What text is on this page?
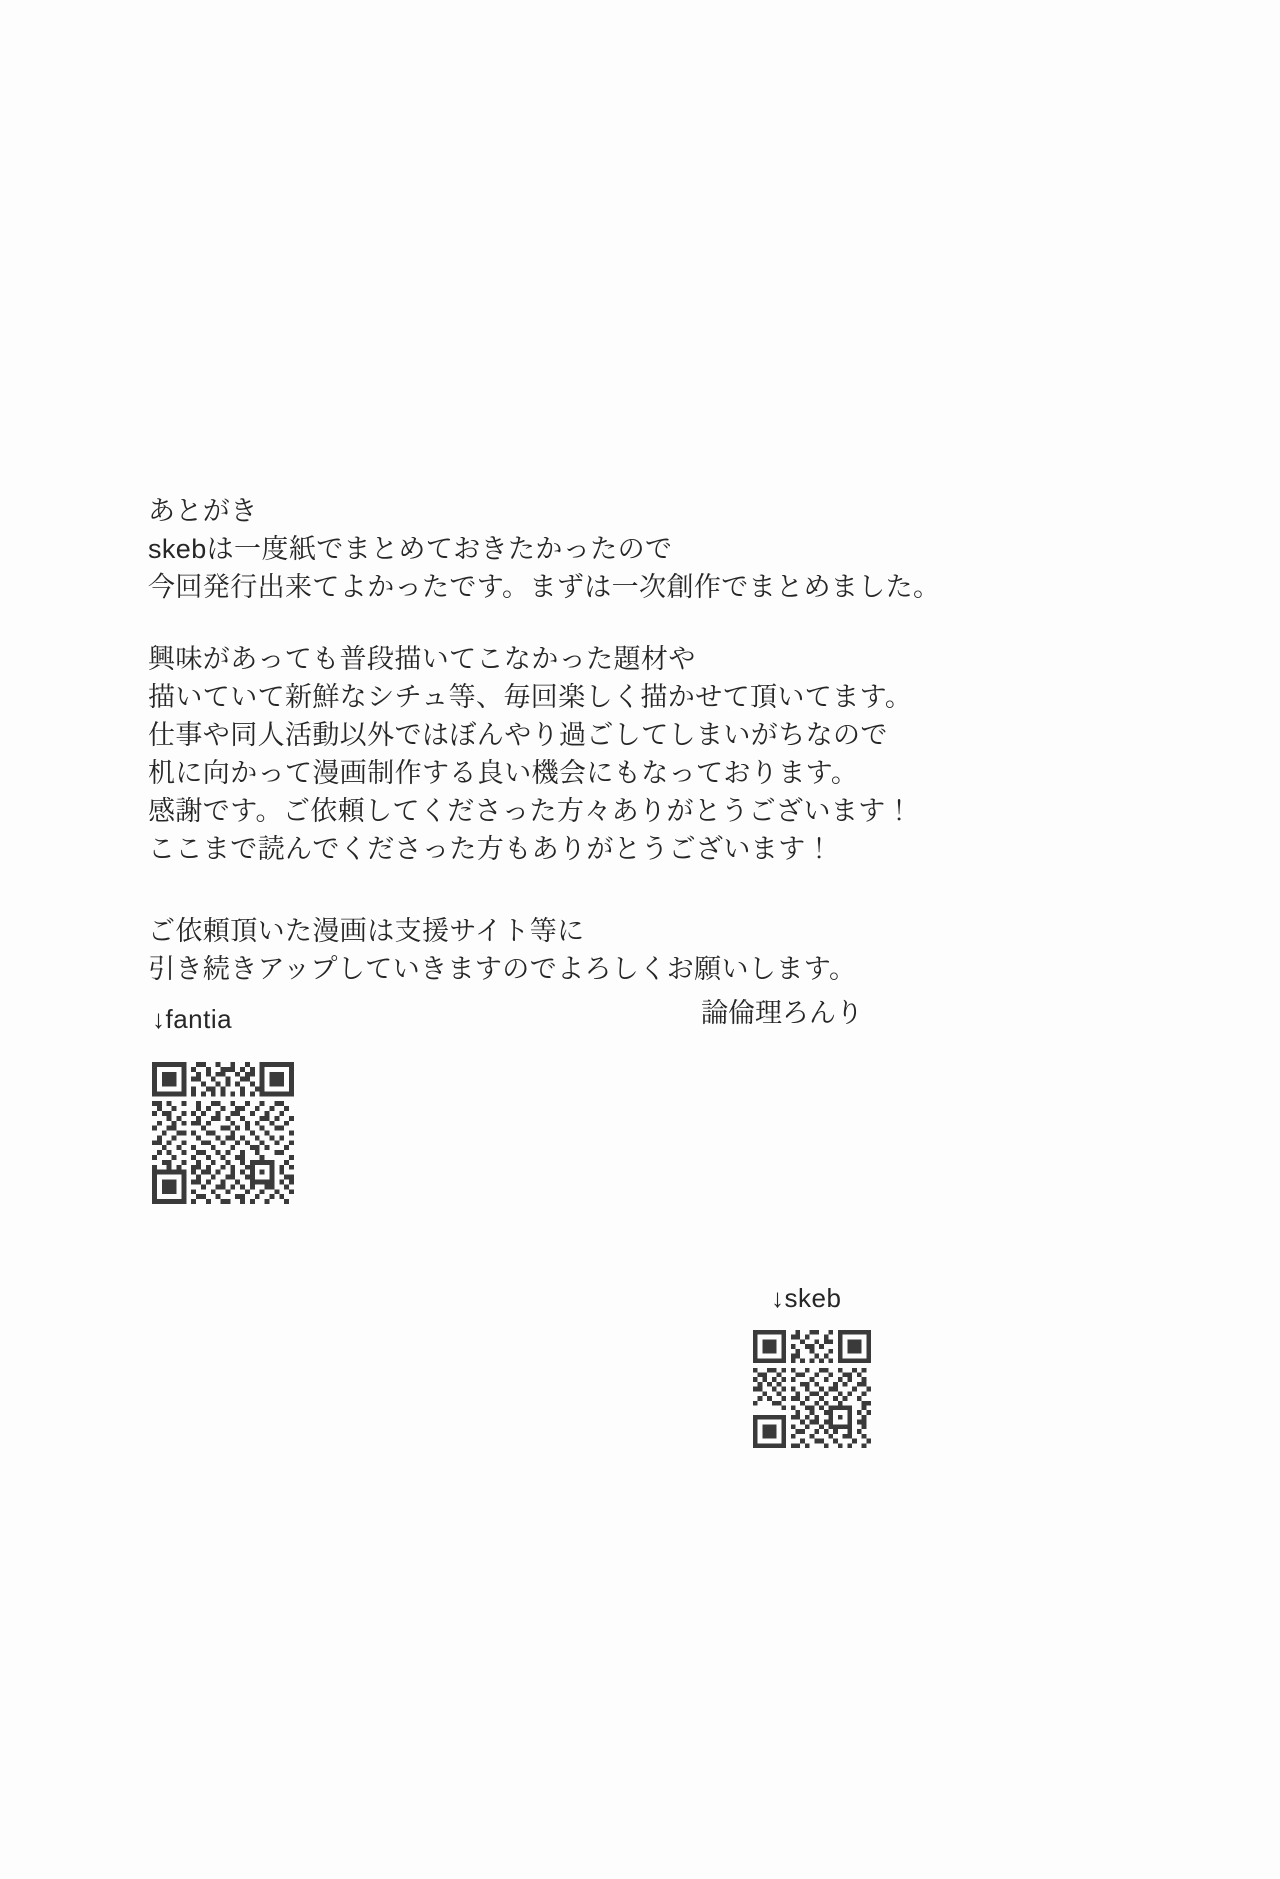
あとがき
skebは一度紙でまとめておきたかったので
今回発行出来てよかったです。まずは一次創作でまとめました。
興味があっても普段描いてこなかった題材や
描いていて新鮮なシチュ等、毎回楽しく描かせて頂いてます。
仕事や同人活動以外ではぼんやり過ごしてしまいがちなので
机に向かって漫画制作する良い機会にもなっております。
感謝です。ご依頼してくださった方々ありがとうございます！
ここまで読んでくださった方もありがとうございます！
ご依頼頂いた漫画は支援サイト等に
引き続きアップしていきますのでよろしくお願いします。
論倫理ろんり
↓fantia
↓skeb
